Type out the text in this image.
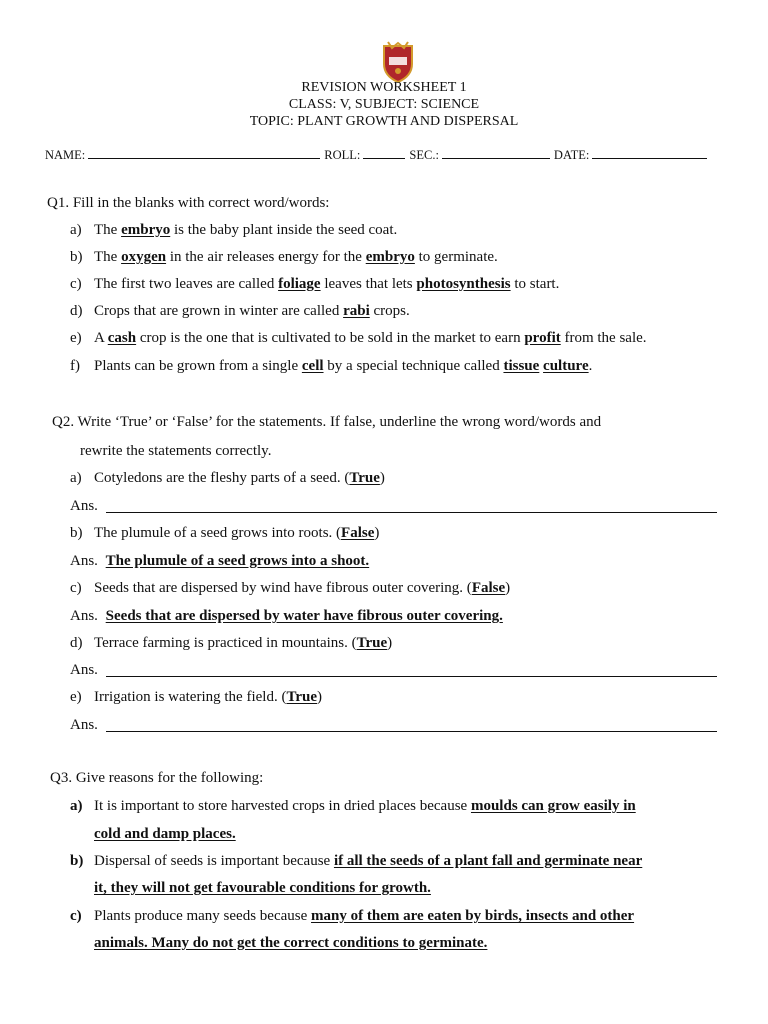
REVISION WORKSHEET 1
CLASS: V, SUBJECT: SCIENCE
TOPIC: PLANT GROWTH AND DISPERSAL
NAME:	ROLL:	SEC.:	DATE:
Q1. Fill in the blanks with correct word/words:
a) The embryo is the baby plant inside the seed coat.
b) The oxygen in the air releases energy for the embryo to germinate.
c) The first two leaves are called foliage leaves that lets photosynthesis to start.
d) Crops that are grown in winter are called rabi crops.
e) A cash crop is the one that is cultivated to be sold in the market to earn profit from the sale.
f) Plants can be grown from a single cell by a special technique called tissue culture.
Q2. Write ‘True’ or ‘False’ for the statements. If false, underline the wrong word/words and
rewrite the statements correctly.
a) Cotyledons are the fleshy parts of a seed. (True)
Ans.
b) The plumule of a seed grows into roots. (False)
Ans. The plumule of a seed grows into a shoot.
c) Seeds that are dispersed by wind have fibrous outer covering. (False)
Ans. Seeds that are dispersed by water have fibrous outer covering.
d) Terrace farming is practiced in mountains. (True)
Ans.
e) Irrigation is watering the field. (True)
Ans.
Q3. Give reasons for the following:
a) It is important to store harvested crops in dried places because moulds can grow easily in
cold and damp places.
b) Dispersal of seeds is important because if all the seeds of a plant fall and germinate near
it, they will not get favourable conditions for growth.
c) Plants produce many seeds because many of them are eaten by birds, insects and other
animals. Many do not get the correct conditions to germinate.
